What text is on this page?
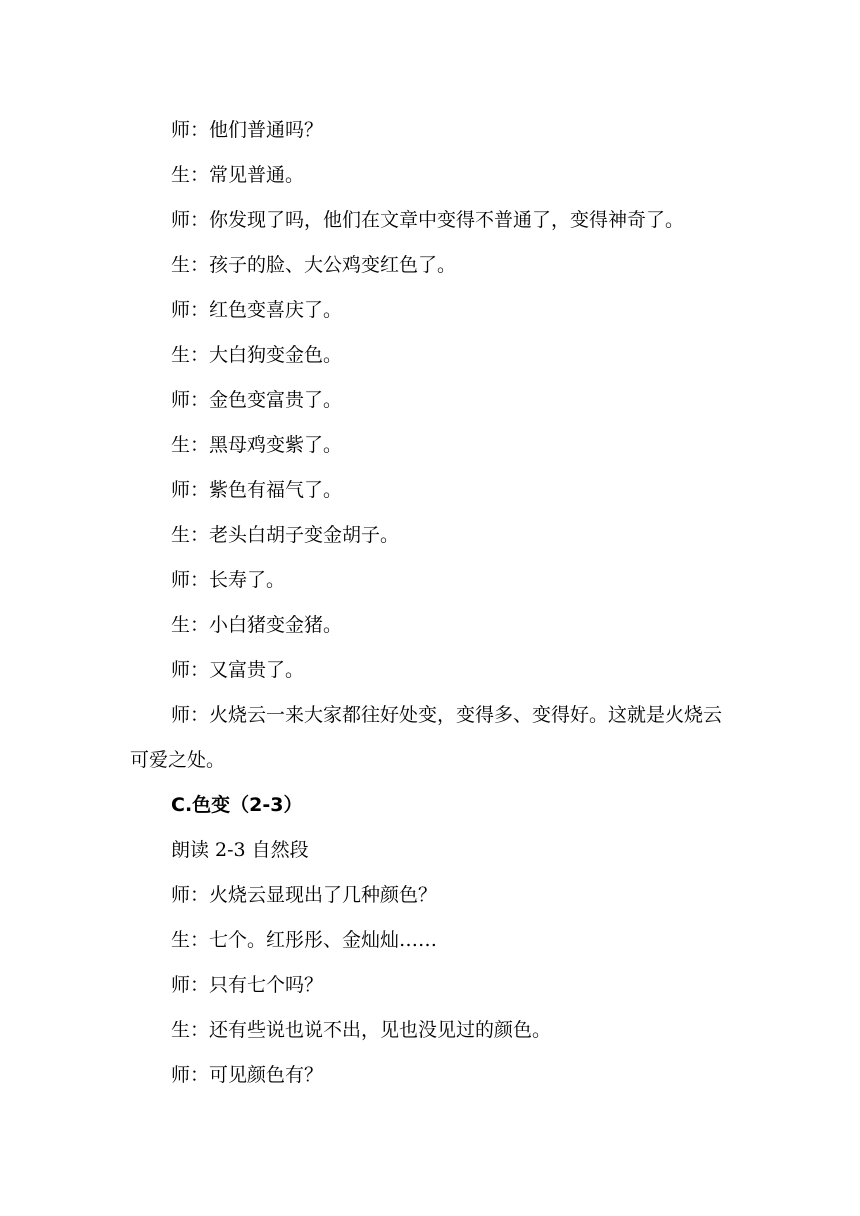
师：他们普通吗？

生：常见普通。

师：你发现了吗，他们在文章中变得不普通了，变得神奇了。

生：孩子的脸、大公鸡变红色了。

师：红色变喜庆了。

生：大白狗变金色。

师：金色变富贵了。

生：黑母鸡变紫了。

师：紫色有福气了。

生：老头白胡子变金胡子。

师：长寿了。

生：小白猪变金猪。

师：又富贵了。

师：火烧云一来大家都往好处变，变得多、变得好。这就是火烧云可爱之处。

C.色变（2-3）

朗读 2-3 自然段

师：火烧云显现出了几种颜色？

生：七个。红彤彤、金灿灿……

师：只有七个吗？

生：还有些说也说不出，见也没见过的颜色。

师：可见颜色有？
